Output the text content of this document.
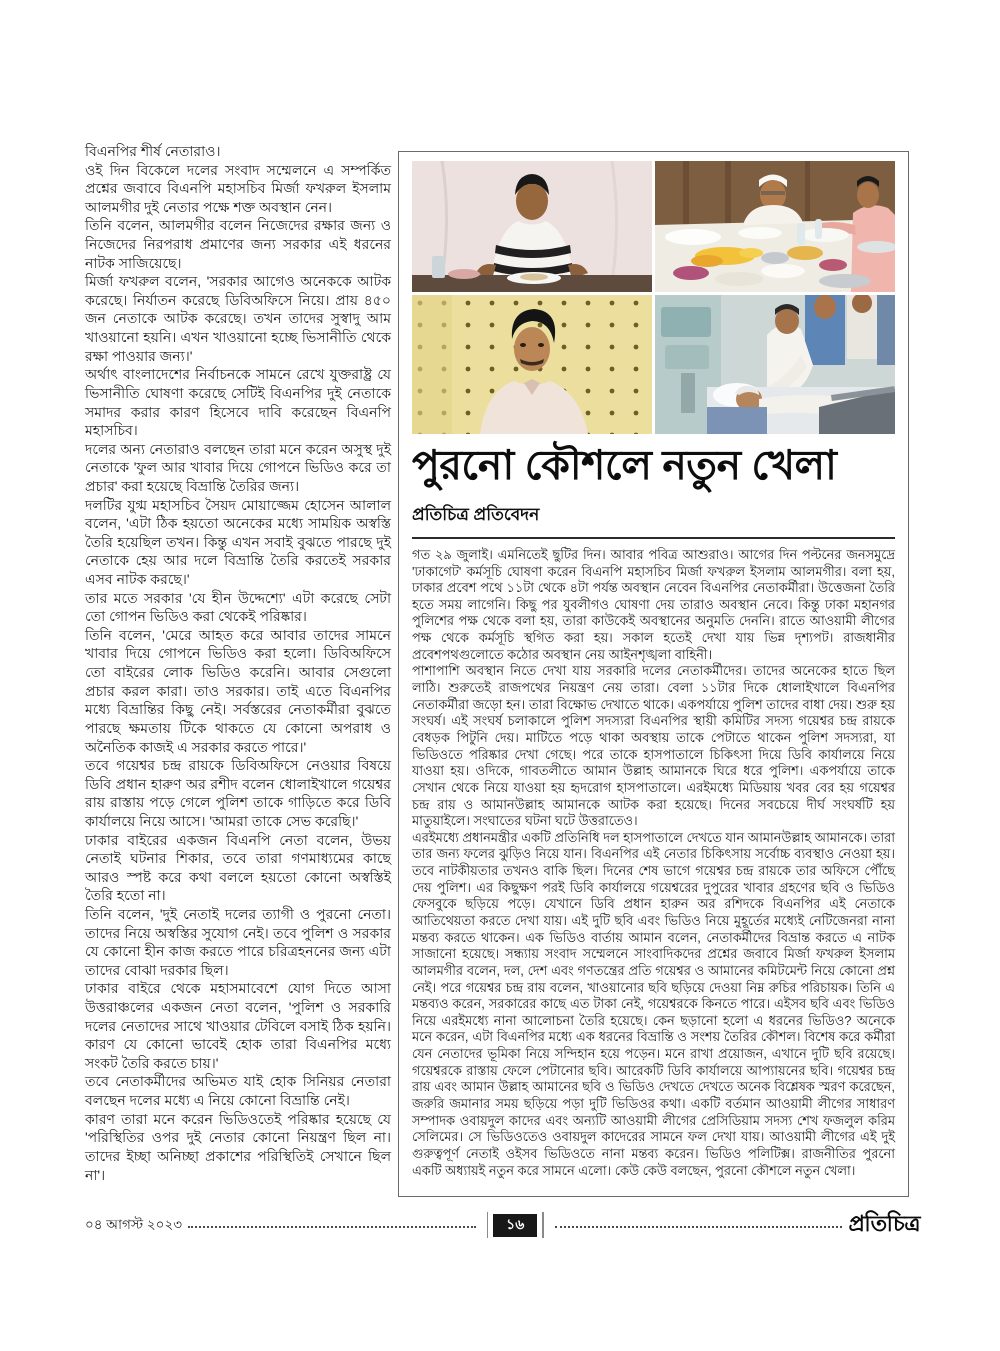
বিএনপির শীর্ষ নেতারাও।

ওই দিন বিকেলে দলের সংবাদ সম্মেলনে এ সম্পর্কিত প্রশ্নের জবাবে বিএনপি মহাসচিব মির্জা ফখরুল ইসলাম আলমগীর দুই নেতার পক্ষে শক্ত অবস্থান নেন।

তিনি বলেন, আলমগীর বলেন নিজেদের রক্ষার জন্য ও নিজেদের নিরপরাধ প্রমাণের জন্য সরকার এই ধরনের নাটক সাজিয়েছে।

মির্জা ফখরুল বলেন, 'সরকার আগেও অনেককে আটক করেছে। নির্যাতন করেছে ডিবিঅফিসে নিয়ে। প্রায় ৪৫০ জন নেতাকে আটক করেছে। তখন তাদের সুস্বাদু আম খাওয়ানো হয়নি। এখন খাওয়ানো হচ্ছে ভিসানীতি থেকে রক্ষা পাওয়ার জন্য।'

অর্থাৎ বাংলাদেশের নির্বাচনকে সামনে রেখে যুক্তরাষ্ট্র যে ভিসানীতি ঘোষণা করেছে সেটিই বিএনপির দুই নেতাকে সমাদর করার কারণ হিসেবে দাবি করেছেন বিএনপি মহাসচিব।

দলের অন্য নেতারাও বলছেন তারা মনে করেন অসুস্থ দুই নেতাকে 'ফুল আর খাবার দিয়ে গোপনে ভিডিও করে তা প্রচার' করা হয়েছে বিভ্রান্তি তৈরির জন্য।

দলটির যুগ্ম মহাসচিব সৈয়দ মোয়াজ্জেম হোসেন আলাল বলেন, 'এটা ঠিক হয়তো অনেকের মধ্যে সাময়িক অস্বস্তি তৈরি হয়েছিল তখন। কিন্তু এখন সবাই বুঝতে পারছে দুই নেতাকে হেয় আর দলে বিভ্রান্তি তৈরি করতেই সরকার এসব নাটক করছে।'

তার মতে সরকার 'যে হীন উদ্দেশ্যে' এটা করেছে সেটা তো গোপন ভিডিও করা থেকেই পরিষ্কার।

তিনি বলেন, 'মেরে আহত করে আবার তাদের সামনে খাবার দিয়ে গোপনে ভিডিও করা হলো। ডিবিঅফিসে তো বাইরের লোক ভিডিও করেনি। আবার সেগুলো প্রচার করল কারা। তাও সরকার। তাই এতে বিএনপির মধ্যে বিভ্রান্তির কিছু নেই। সর্বস্তরের নেতাকর্মীরা বুঝতে পারছে ক্ষমতায় টিকে থাকতে যে কোনো অপরাধ ও অনৈতিক কাজই এ সরকার করতে পারে।'

তবে গয়েশ্বর চন্দ্র রায়কে ডিবিঅফিসে নেওয়ার বিষয়ে ডিবি প্রধান হারুণ অর রশীদ বলেন ধোলাইখালে গয়েশ্বর রায় রাস্তায় পড়ে গেলে পুলিশ তাকে গাড়িতে করে ডিবি কার্যালয়ে নিয়ে আসে। 'আমরা তাকে সেভ করেছি।'

ঢাকার বাইরের একজন বিএনপি নেতা বলেন, উভয় নেতাই ঘটনার শিকার, তবে তারা গণমাধ্যমের কাছে আরও স্পষ্ট করে কথা বললে হয়তো কোনো অস্বস্তিই তৈরি হতো না।

তিনি বলেন, 'দুই নেতাই দলের ত্যাগী ও পুরনো নেতা। তাদের নিয়ে অস্বস্তির সুযোগ নেই। তবে পুলিশ ও সরকার যে কোনো হীন কাজ করতে পারে চরিত্রহননের জন্য এটা তাদের বোঝা দরকার ছিল।

ঢাকার বাইরে থেকে মহাসমাবেশে যোগ দিতে আসা উত্তরাঞ্চলের একজন নেতা বলেন, 'পুলিশ ও সরকারি দলের নেতাদের সাথে খাওয়ার টেবিলে বসাই ঠিক হয়নি। কারণ যে কোনো ভাবেই হোক তারা বিএনপির মধ্যে সংকট তৈরি করতে চায়।'

তবে নেতাকর্মীদের অভিমত যাই হোক সিনিয়র নেতারা বলছেন দলের মধ্যে এ নিয়ে কোনো বিভ্রান্তি নেই।

কারণ তারা মনে করেন ভিডিওতেই পরিষ্কার হয়েছে যে 'পরিস্থিতির ওপর দুই নেতার কোনো নিয়ন্ত্রণ ছিল না। তাদের ইচ্ছা অনিচ্ছা প্রকাশের পরিস্থিতিই সেখানে ছিল না'।

পুরনো কৌশলে নতুন খেলা
প্রতিচিত্র প্রতিবেদন

গত ২৯ জুলাই। এমনিতেই ছুটির দিন। আবার পবিত্র আশুরাও। আগের দিন পল্টনের জনসমুদ্রে 'ঢাকাগেট' কর্মসূচি ঘোষণা করেন বিএনপি মহাসচিব মির্জা ফখরুল ইসলাম আলমগীর। বলা হয়, ঢাকার প্রবেশ পথে ১১টা থেকে ৪টা পর্যন্ত অবস্থান নেবেন বিএনপির নেতাকর্মীরা। উত্তেজনা তৈরি হতে সময় লাগেনি। কিছু পর যুবলীগও ঘোষণা দেয় তারাও অবস্থান নেবে। কিন্তু ঢাকা মহানগর পুলিশের পক্ষ থেকে বলা হয়, তারা কাউকেই অবস্থানের অনুমতি দেননি। রাতে আওয়ামী লীগের পক্ষ থেকে কর্মসূচি স্থগিত করা হয়। সকাল হতেই দেখা যায় ভিন্ন দৃশ্যপট। রাজধানীর প্রবেশপথগুলোতে কঠোর অবস্থান নেয় আইনশৃঙ্খলা বাহিনী।

পাশাপাশি অবস্থান নিতে দেখা যায় সরকারি দলের নেতাকর্মীদের। তাদের অনেকের হাতে ছিল লাঠি। শুরুতেই রাজপথের নিয়ন্ত্রণ নেয় তারা। বেলা ১১টার দিকে ধোলাইখালে বিএনপির নেতাকর্মীরা জড়ো হন। তারা বিক্ষোভ দেখাতে থাকে। একপর্যায়ে পুলিশ তাদের বাধা দেয়। শুরু হয় সংঘর্ষ। এই সংঘর্ষ চলাকালে পুলিশ সদস্যরা বিএনপির স্থায়ী কমিটির সদস্য গয়েশ্বর চন্দ্র রায়কে বেধড়ক পিটুনি দেয়। মাটিতে পড়ে থাকা অবস্থায় তাকে পেটাতে থাকেন পুলিশ সদস্যরা, যা ভিডিওতে পরিষ্কার দেখা গেছে। পরে তাকে হাসপাতালে চিকিৎসা দিয়ে ডিবি কার্যালয়ে নিয়ে যাওয়া হয়। ওদিকে, গাবতলীতে আমান উল্লাহ আমানকে ঘিরে ধরে পুলিশ। একপর্যায়ে তাকে সেখান থেকে নিয়ে যাওয়া হয় হৃদরোগ হাসপাতালে। এরইমধ্যে মিডিয়ায় খবর বের হয় গয়েশ্বর চন্দ্র রায় ও আমানউল্লাহ আমানকে আটক করা হয়েছে। দিনের সবচেয়ে দীর্ঘ সংঘর্ষটি হয় মাতুয়াইলে। সংঘাতের ঘটনা ঘটে উত্তরাতেও।

এরইমধ্যে প্রধানমন্ত্রীর একটি প্রতিনিধি দল হাসপাতালে দেখতে যান আমানউল্লাহ আমানকে। তারা তার জন্য ফলের ঝুড়িও নিয়ে যান। বিএনপির এই নেতার চিকিৎসায় সর্বোচ্চ ব্যবস্থাও নেওয়া হয়। তবে নাটকীয়তার তখনও বাকি ছিল। দিনের শেষ ভাগে গয়েশ্বর চন্দ্র রায়কে তার অফিসে পৌঁছে দেয় পুলিশ। এর কিছুক্ষণ পরই ডিবি কার্যালয়ে গয়েশ্বরের দুপুরের খাবার গ্রহণের ছবি ও ভিডিও ফেসবুকে ছড়িয়ে পড়ে। যেখানে ডিবি প্রধান হারুন অর রশিদকে বিএনপির এই নেতাকে আতিথেয়তা করতে দেখা যায়। এই দুটি ছবি এবং ভিডিও নিয়ে মুহূর্তের মধ্যেই নেটিজেনরা নানা মন্তব্য করতে থাকেন। এক ভিডিও বার্তায় আমান বলেন, নেতাকর্মীদের বিভ্রান্ত করতে এ নাটক সাজানো হয়েছে। সন্ধ্যায় সংবাদ সম্মেলনে সাংবাদিকদের প্রশ্নের জবাবে মির্জা ফখরুল ইসলাম আলমগীর বলেন, দল, দেশ এবং গণতন্ত্রের প্রতি গয়েশ্বর ও আমানের কমিটমেন্ট নিয়ে কোনো প্রশ্ন নেই। পরে গয়েশ্বর চন্দ্র রায় বলেন, খাওয়ানোর ছবি ছড়িয়ে দেওয়া নিম্ন রুচির পরিচায়ক। তিনি এ মন্তব্যও করেন, সরকারের কাছে এত টাকা নেই, গয়েশ্বরকে কিনতে পারে। এইসব ছবি এবং ভিডিও নিয়ে এরইমধ্যে নানা আলোচনা তৈরি হয়েছে। কেন ছড়ানো হলো এ ধরনের ভিডিও? অনেকে মনে করেন, এটা বিএনপির মধ্যে এক ধরনের বিভ্রান্তি ও সংশয় তৈরির কৌশল। বিশেষ করে কর্মীরা যেন নেতাদের ভূমিকা নিয়ে সন্দিহান হয়ে পড়েন। মনে রাখা প্রয়োজন, এখানে দুটি ছবি রয়েছে। গয়েশ্বরকে রাস্তায় ফেলে পেটানোর ছবি। আরেকটি ডিবি কার্যালয়ে আপ্যায়নের ছবি। গয়েশ্বর চন্দ্র রায় এবং আমান উল্লাহ আমানের ছবি ও ভিডিও দেখতে দেখতে অনেক বিশ্লেষক স্মরণ করেছেন, জরুরি জমানার সময় ছড়িয়ে পড়া দুটি ভিডিওর কথা। একটি বর্তমান আওয়ামী লীগের সাধারণ সম্পাদক ওবায়দুল কাদের এবং অন্যটি আওয়ামী লীগের প্রেসিডিয়াম সদস্য শেখ ফজলুল করিম সেলিমের। সে ভিডিওতেও ওবায়দুল কাদেরের সামনে ফল দেখা যায়। আওয়ামী লীগের এই দুই গুরুত্বপূর্ণ নেতাই ওইসব ভিডিওতে নানা মন্তব্য করেন। ভিডিও পলিটিক্স। রাজনীতির পুরনো একটি অধ্যায়ই নতুন করে সামনে এলো। কেউ কেউ বলছেন, পুরনো কৌশলে নতুন খেলা।

০৪ আগস্ট ২০২৩	১৬	প্রতিচিত্র
